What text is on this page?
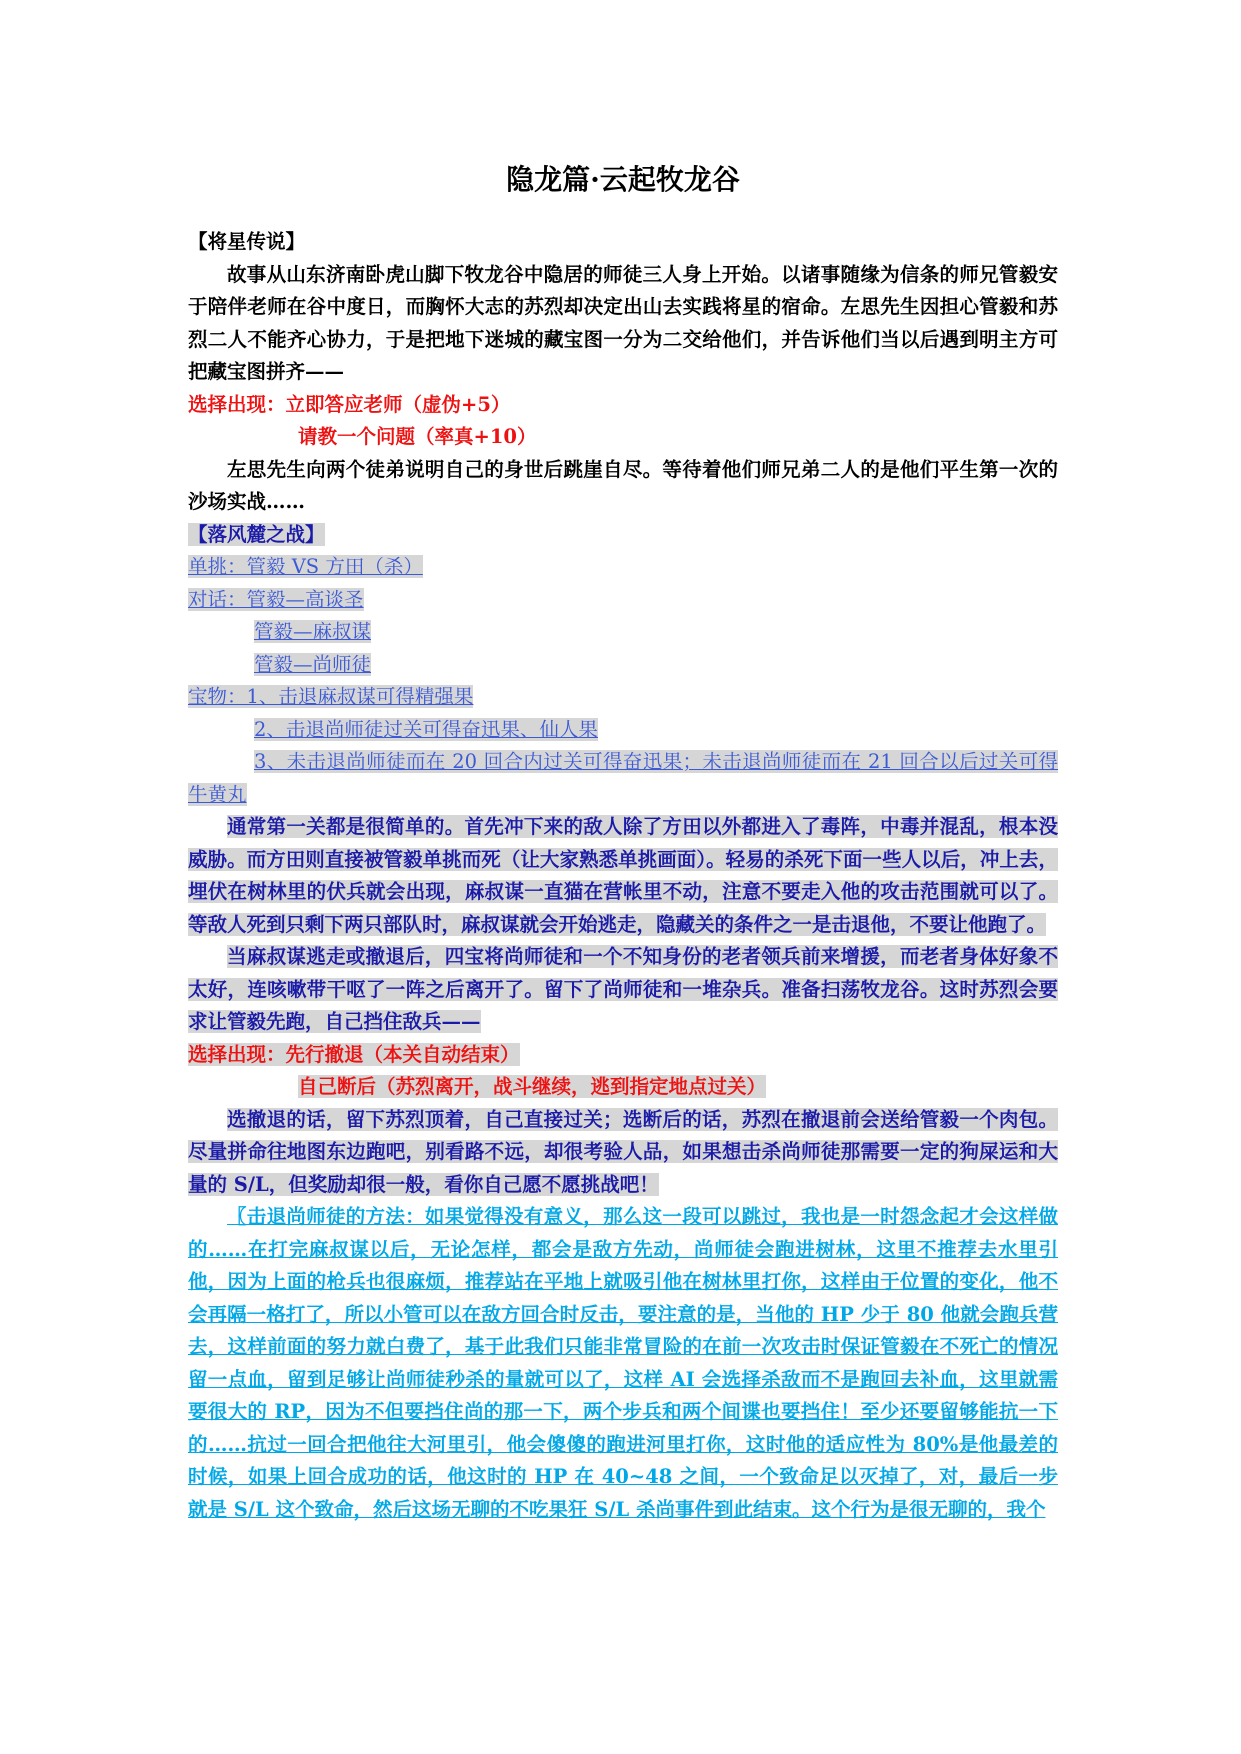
隐龙篇·云起牧龙谷

【将星传说】

故事从山东济南卧虎山脚下牧龙谷中隐居的师徒三人身上开始。以诸事随缘为信条的师兄管毅安于陪伴老师在谷中度日，而胸怀大志的苏烈却决定出山去实践将星的宿命。左思先生因担心管毅和苏烈二人不能齐心协力，于是把地下迷城的藏宝图一分为二交给他们，并告诉他们当以后遇到明主方可把藏宝图拼齐——

选择出现：立即答应老师（虚伪+5）

请教一个问题（率真+10）

左思先生向两个徒弟说明自己的身世后跳崖自尽。等待着他们师兄弟二人的是他们平生第一次的沙场实战……

【落风麓之战】

单挑：管毅 VS 方田（杀）

对话：管毅—高谈圣

管毅—麻叔谋

管毅—尚师徒

宝物：1、击退麻叔谋可得精强果

2、击退尚师徒过关可得奋迅果、仙人果

3、未击退尚师徒而在 20 回合内过关可得奋迅果；未击退尚师徒而在 21 回合以后过关可得牛黄丸

通常第一关都是很简单的。首先冲下来的敌人除了方田以外都进入了毒阵，中毒并混乱，根本没威胁。而方田则直接被管毅单挑而死（让大家熟悉单挑画面）。轻易的杀死下面一些人以后，冲上去，埋伏在树林里的伏兵就会出现，麻叔谋一直猫在营帐里不动，注意不要走入他的攻击范围就可以了。等敌人死到只剩下两只部队时，麻叔谋就会开始逃走，隐藏关的条件之一是击退他，不要让他跑了。

当麻叔谋逃走或撤退后，四宝将尚师徒和一个不知身份的老者领兵前来增援，而老者身体好象不太好，连咳嗽带干呕了一阵之后离开了。留下了尚师徒和一堆杂兵。准备扫荡牧龙谷。这时苏烈会要求让管毅先跑，自己挡住敌兵——

选择出现：先行撤退（本关自动结束）

自己断后（苏烈离开，战斗继续，逃到指定地点过关）

选撤退的话，留下苏烈顶着，自己直接过关；选断后的话，苏烈在撤退前会送给管毅一个肉包。尽量拼命往地图东边跑吧，别看路不远，却很考验人品，如果想击杀尚师徒那需要一定的狗屎运和大量的 S/L，但奖励却很一般，看你自己愿不愿挑战吧！

〖击退尚师徒的方法：如果觉得没有意义，那么这一段可以跳过，我也是一时怨念起才会这样做的……在打完麻叔谋以后，无论怎样，都会是敌方先动，尚师徒会跑进树林，这里不推荐去水里引他，因为上面的枪兵也很麻烦，推荐站在平地上就吸引他在树林里打你，这样由于位置的变化，他不会再隔一格打了，所以小管可以在敌方回合时反击，要注意的是，当他的 HP 少于 80 他就会跑兵营去，这样前面的努力就白费了，基于此我们只能非常冒险的在前一次攻击时保证管毅在不死亡的情况留一点血，留到足够让尚师徒秒杀的量就可以了，这样 AI 会选择杀敌而不是跑回去补血，这里就需要很大的 RP，因为不但要挡住尚的那一下，两个步兵和两个间谍也要挡住！至少还要留够能抗一下的……抗过一回合把他往大河里引，他会傻傻的跑进河里打你，这时他的适应性为 80%是他最差的时候，如果上回合成功的话，他这时的 HP 在 40~48 之间，一个致命足以灭掉了，对，最后一步就是 S/L 这个致命，然后这场无聊的不吃果狂 S/L 杀尚事件到此结束。这个行为是很无聊的，我个
